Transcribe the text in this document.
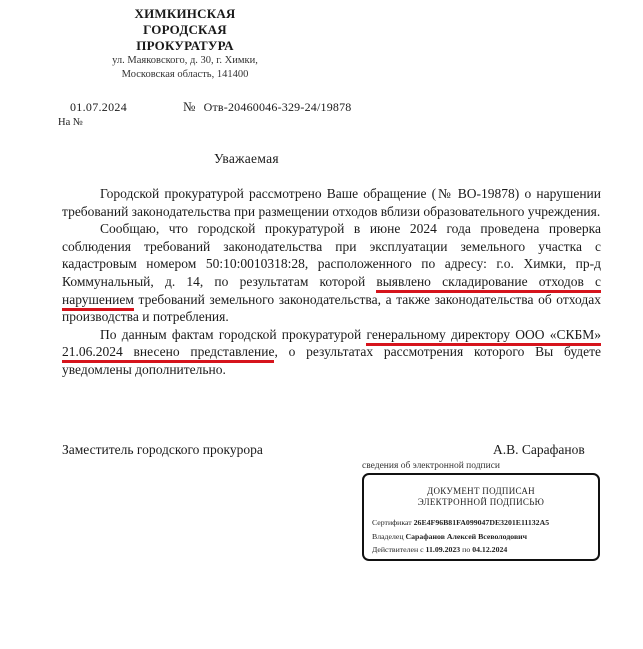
ХИМКИНСКАЯ
ГОРОДСКАЯ ПРОКУРАТУРА
ул. Маяковского, д. 30, г. Химки,
Московская область, 141400
01.07.2024	№ Отв-20460046-329-24/19878
На №
Уважаемая

Городской прокуратурой рассмотрено Ваше обращение (№ ВО-19878) о нарушении требований законодательства при размещении отходов вблизи образовательного учреждения.

Сообщаю, что городской прокуратурой в июне 2024 года проведена проверка соблюдения требований законодательства при эксплуатации земельного участка с кадастровым номером 50:10:0010318:28, расположенного по адресу: г.о. Химки, пр-д Коммунальный, д. 14, по результатам которой выявлено складирование отходов с нарушением требований земельного законодательства, а также законодательства об отходах производства и потребления.

По данным фактам городской прокуратурой генеральному директору ООО «СКБМ» 21.06.2024 внесено представление, о результатах рассмотрения которого Вы будете уведомлены дополнительно.

Заместитель городского прокурора	А.В. Сарафанов
сведения об электронной подписи
ДОКУМЕНТ ПОДПИСАН
ЭЛЕКТРОННОЙ ПОДПИСЬЮ
Сертификат 26E4F96B81FA099047DE3201E11132A5
Владелец Сарафанов Алексей Всеволодович
Действителен с 11.09.2023 по 04.12.2024
